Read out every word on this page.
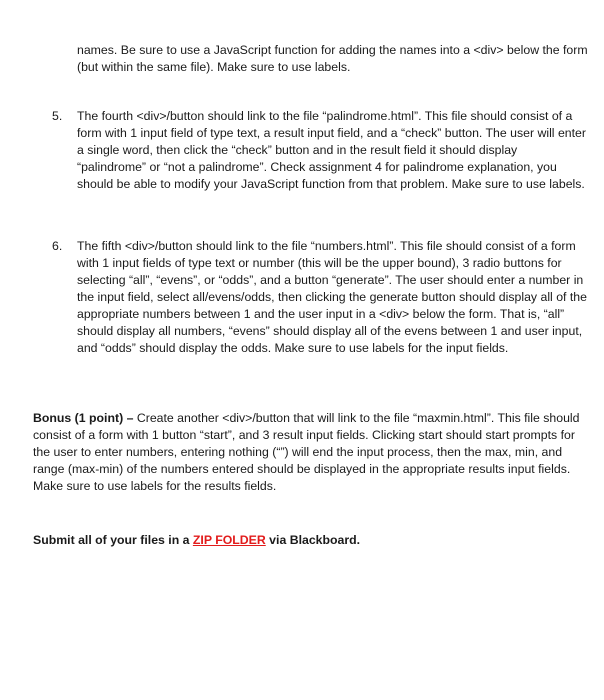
names. Be sure to use a JavaScript function for adding the names into a <div> below the form (but within the same file). Make sure to use labels.

5. The fourth <div>/button should link to the file “palindrome.html”. This file should consist of a form with 1 input field of type text, a result input field, and a “check” button. The user will enter a single word, then click the “check” button and in the result field it should display “palindrome” or “not a palindrome”. Check assignment 4 for palindrome explanation, you should be able to modify your JavaScript function from that problem. Make sure to use labels.

6. The fifth <div>/button should link to the file “numbers.html”. This file should consist of a form with 1 input fields of type text or number (this will be the upper bound), 3 radio buttons for selecting “all”, “evens”, or “odds”, and a button “generate”. The user should enter a number in the input field, select all/evens/odds, then clicking the generate button should display all of the appropriate numbers between 1 and the user input in a <div> below the form. That is, “all” should display all numbers, “evens” should display all of the evens between 1 and user input, and “odds” should display the odds. Make sure to use labels for the input fields.

Bonus (1 point) – Create another <div>/button that will link to the file “maxmin.html”. This file should consist of a form with 1 button “start”, and 3 result input fields. Clicking start should start prompts for the user to enter numbers, entering nothing (“”) will end the input process, then the max, min, and range (max-min) of the numbers entered should be displayed in the appropriate results input fields. Make sure to use labels for the results fields.

Submit all of your files in a ZIP FOLDER via Blackboard.
